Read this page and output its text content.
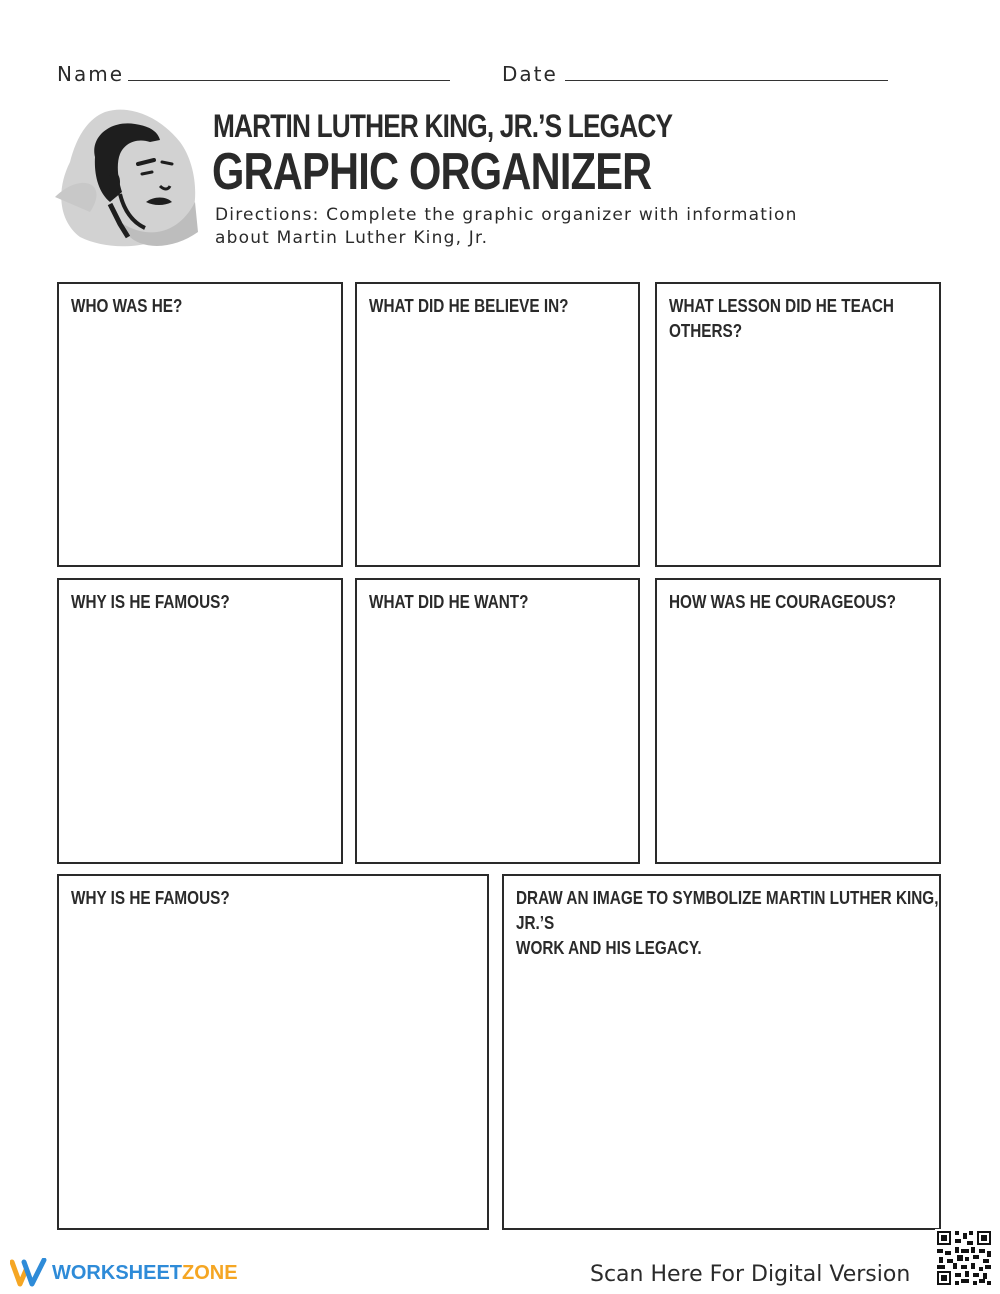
Name	Date
MARTIN LUTHER KING, JR.’S LEGACY
GRAPHIC ORGANIZER

Directions: Complete the graphic organizer with information
about Martin Luther King, Jr.

WHO WAS HE?	WHAT DID HE BELIEVE IN?	WHAT LESSON DID HE TEACH OTHERS?
WHY IS HE FAMOUS?	WHAT DID HE WANT?	HOW WAS HE COURAGEOUS?
WHY IS HE FAMOUS?	DRAW AN IMAGE TO SYMBOLIZE MARTIN LUTHER KING, JR.’S
WORK AND HIS LEGACY.
WORKSHEETZONE	Scan Here For Digital Version
